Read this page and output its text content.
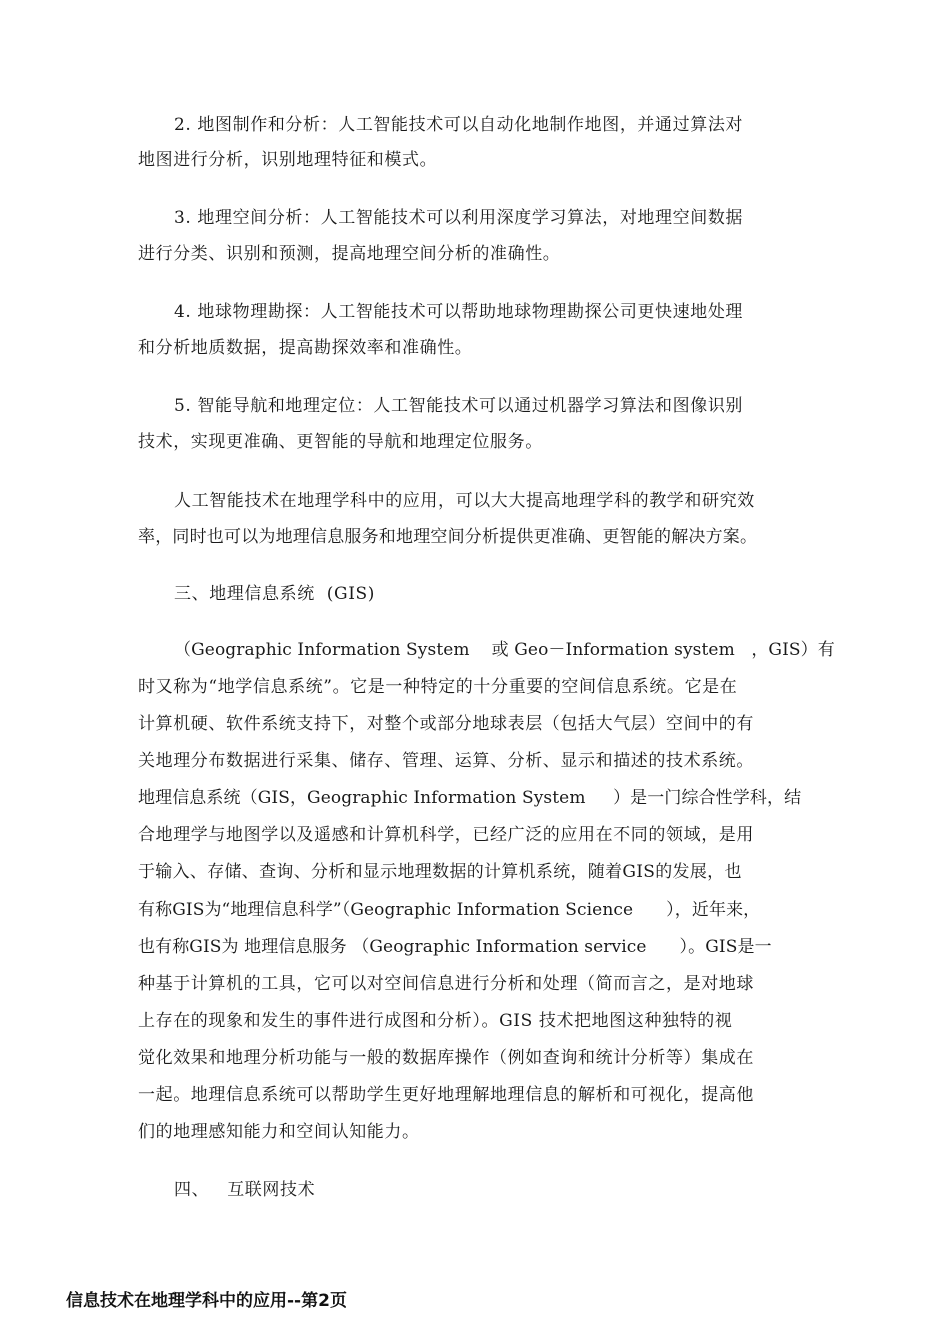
2. 地图制作和分析：人工智能技术可以自动化地制作地图，并通过算法对
地图进行分析，识别地理特征和模式。
3. 地理空间分析：人工智能技术可以利用深度学习算法，对地理空间数据
进行分类、识别和预测，提高地理空间分析的准确性。
4. 地球物理勘探：人工智能技术可以帮助地球物理勘探公司更快速地处理
和分析地质数据，提高勘探效率和准确性。
5. 智能导航和地理定位：人工智能技术可以通过机器学习算法和图像识别
技术，实现更准确、更智能的导航和地理定位服务。
人工智能技术在地理学科中的应用，可以大大提高地理学科的教学和研究效
率，同时也可以为地理信息服务和地理空间分析提供更准确、更智能的解决方案。
三、地理信息系统  (GIS)
（Geographic Information System    或 Geo－Information system   ，GIS）有
时又称为“地学信息系统”。它是一种特定的十分重要的空间信息系统。它是在
计算机硬、软件系统支持下，对整个或部分地球表层（包括大气层）空间中的有
关地理分布数据进行采集、储存、管理、运算、分析、显示和描述的技术系统。
地理信息系统（GIS，Geographic Information System     ）是一门综合性学科，结
合地理学与地图学以及遥感和计算机科学，已经广泛的应用在不同的领域，是用
于输入、存储、查询、分析和显示地理数据的计算机系统，随着GIS的发展，也
有称GIS为“地理信息科学”（Geographic Information Science      ），近年来，
也有称GIS为 地理信息服务 （Geographic Information service      ）。GIS是一
种基于计算机的工具，它可以对空间信息进行分析和处理（简而言之，是对地球
上存在的现象和发生的事件进行成图和分析）。GIS 技术把地图这种独特的视
觉化效果和地理分析功能与一般的数据库操作（例如查询和统计分析等）集成在
一起。地理信息系统可以帮助学生更好地理解地理信息的解析和可视化，提高他
们的地理感知能力和空间认知能力。
四、   互联网技术
信息技术在地理学科中的应用--第2页
